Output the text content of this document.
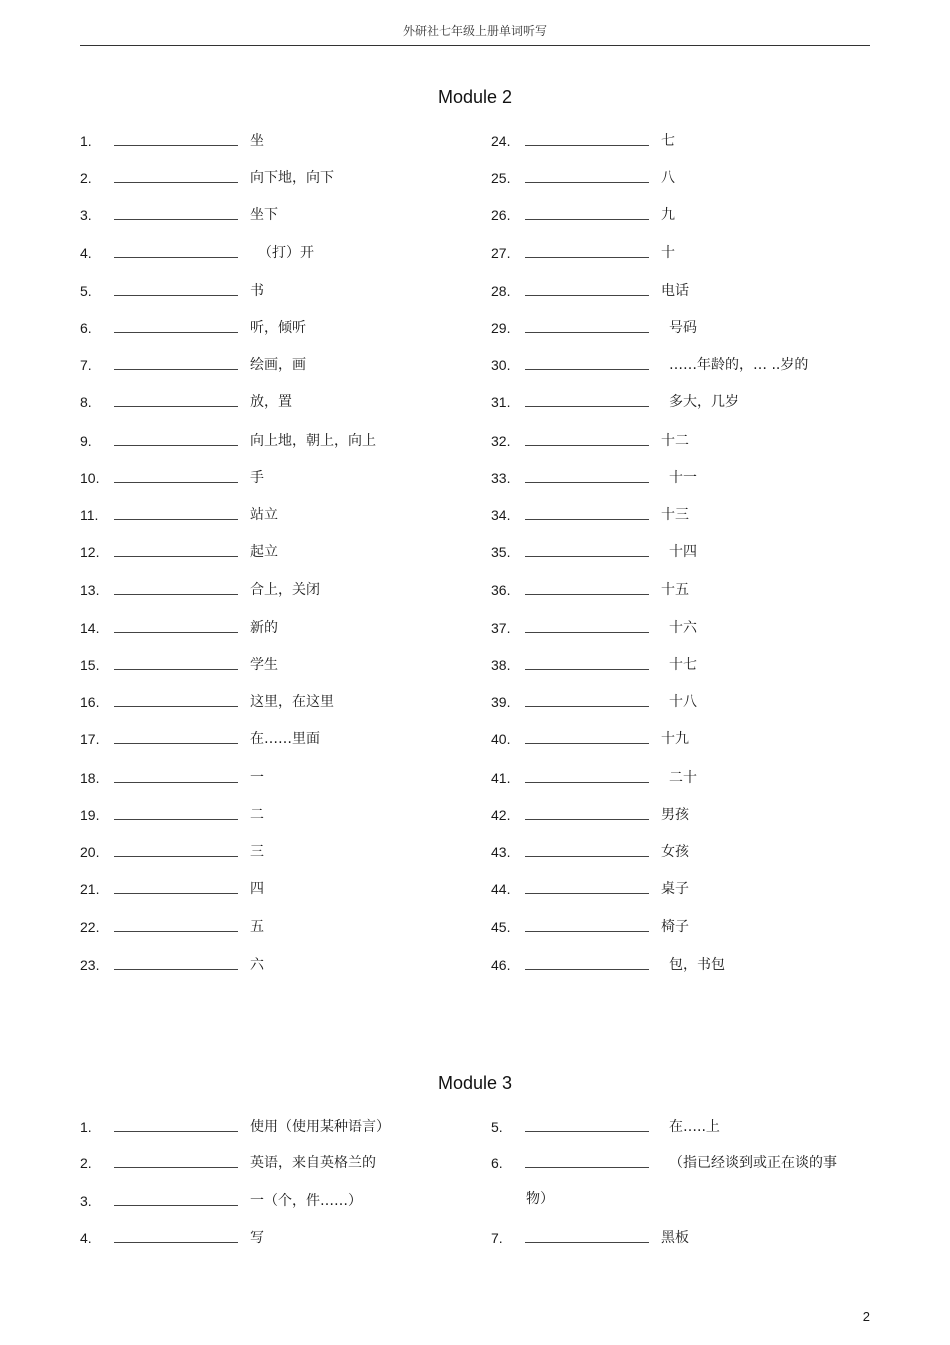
外研社七年级上册单词听写
Module 2
1.	坐
2.	向下地，向下
3.	坐下
4.	（打）开
5.	书
6.	听，倾听
7.	绘画，画
8.	放，置
9.	向上地，朝上，向上
10.	手
11.	站立
12.	起立
13.	合上，关闭
14.	新的
15.	学生
16.	这里，在这里
17.	在……里面
18.	一
19.	二
20.	三
21.	四
22.	五
23.	六
24.	七
25.	八
26.	九
27.	十
28.	电话
29.	号码
30.	……年龄的，… ..岁的
31.	多大，几岁
32.	十二
33.	十一
34.	十三
35.	十四
36.	十五
37.	十六
38.	十七
39.	十八
40.	十九
41.	二十
42.	男孩
43.	女孩
44.	桌子
45.	椅子
46.	包，书包
Module 3
1.	使用（使用某种语言）
2.	英语，来自英格兰的
3.	一（个，件……）
4.	写
5.	在…..上
6.	（指已经谈到或正在谈的事
物）
7.	黑板
2
